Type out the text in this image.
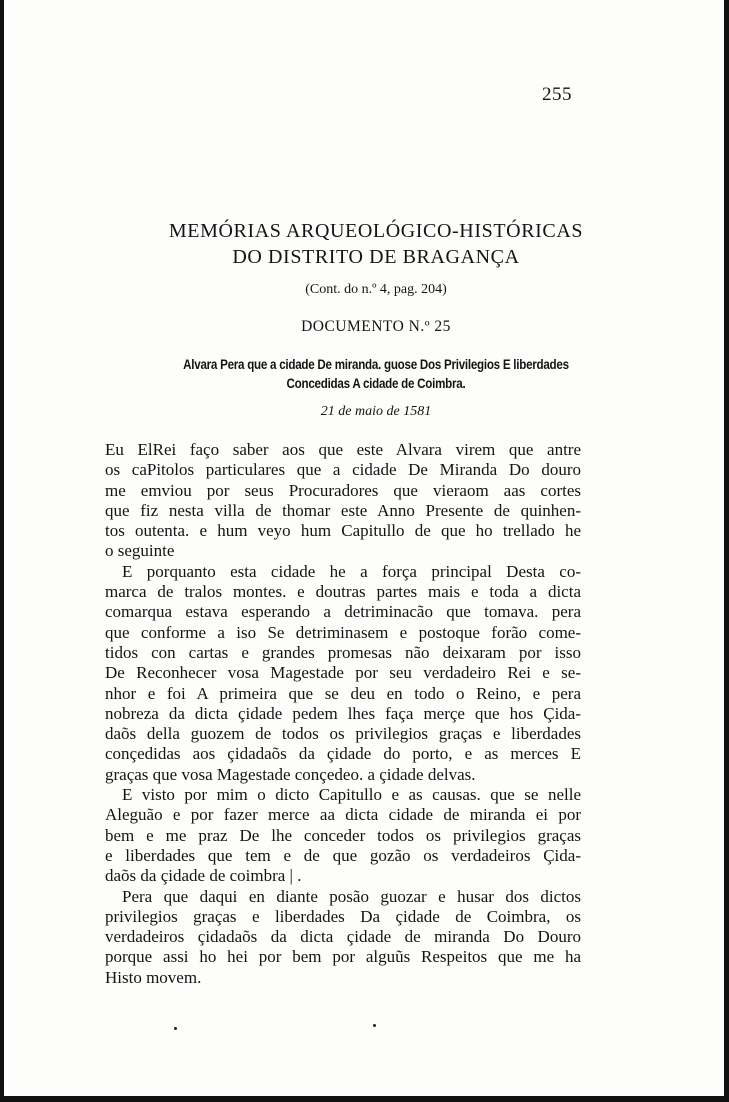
255
MEMÓRIAS ARQUEOLÓGICO-HISTÓRICAS
DO DISTRITO DE BRAGANÇA
(Cont. do n.º 4, pag. 204)
DOCUMENTO N.º 25
Alvara Pera que a cidade De miranda. guose Dos Privilegios E liberdades
Concedidas A cidade de Coimbra.
21 de maio de 1581
Eu ElRei faço saber aos que este Alvara virem que antre
os caPitolos particulares que a cidade De Miranda Do douro
me emviou por seus Procuradores que vieraom aas cortes
que fiz nesta villa de thomar este Anno Presente de quinhen-
tos outenta. e hum veyo hum Capitullo de que ho trellado he
o seguinte
E porquanto esta cidade he a força principal Desta co-
marca de tralos montes. e doutras partes mais e toda a dicta
comarqua estava esperando a detriminacão que tomava. pera
que conforme a iso Se detriminasem e postoque forão come-
tidos con cartas e grandes promesas não deixaram por isso
De Reconhecer vosa Magestade por seu verdadeiro Rei e se-
nhor e foi A primeira que se deu en todo o Reino, e pera
nobreza da dicta çidade pedem lhes faça merçe que hos Çida-
daõs della guozem de todos os privilegios graças e liberdades
conçedidas aos çidadaõs da çidade do porto, e as merces E
graças que vosa Magestade conçedeo. a çidade delvas.
E visto por mim o dicto Capitullo e as causas. que se nelle
Aleguão e por fazer merce aa dicta cidade de miranda ei por
bem e me praz De lhe conceder todos os privilegios graças
e liberdades que tem e de que gozão os verdadeiros Çida-
daõs da çidade de coimbra | .
Pera que daqui en diante posão guozar e husar dos dictos
privilegios graças e liberdades Da çidade de Coimbra, os
verdadeiros çidadaõs da dicta çidade de miranda Do Douro
porque assi ho hei por bem por alguũs Respeitos que me ha
Histo movem.
